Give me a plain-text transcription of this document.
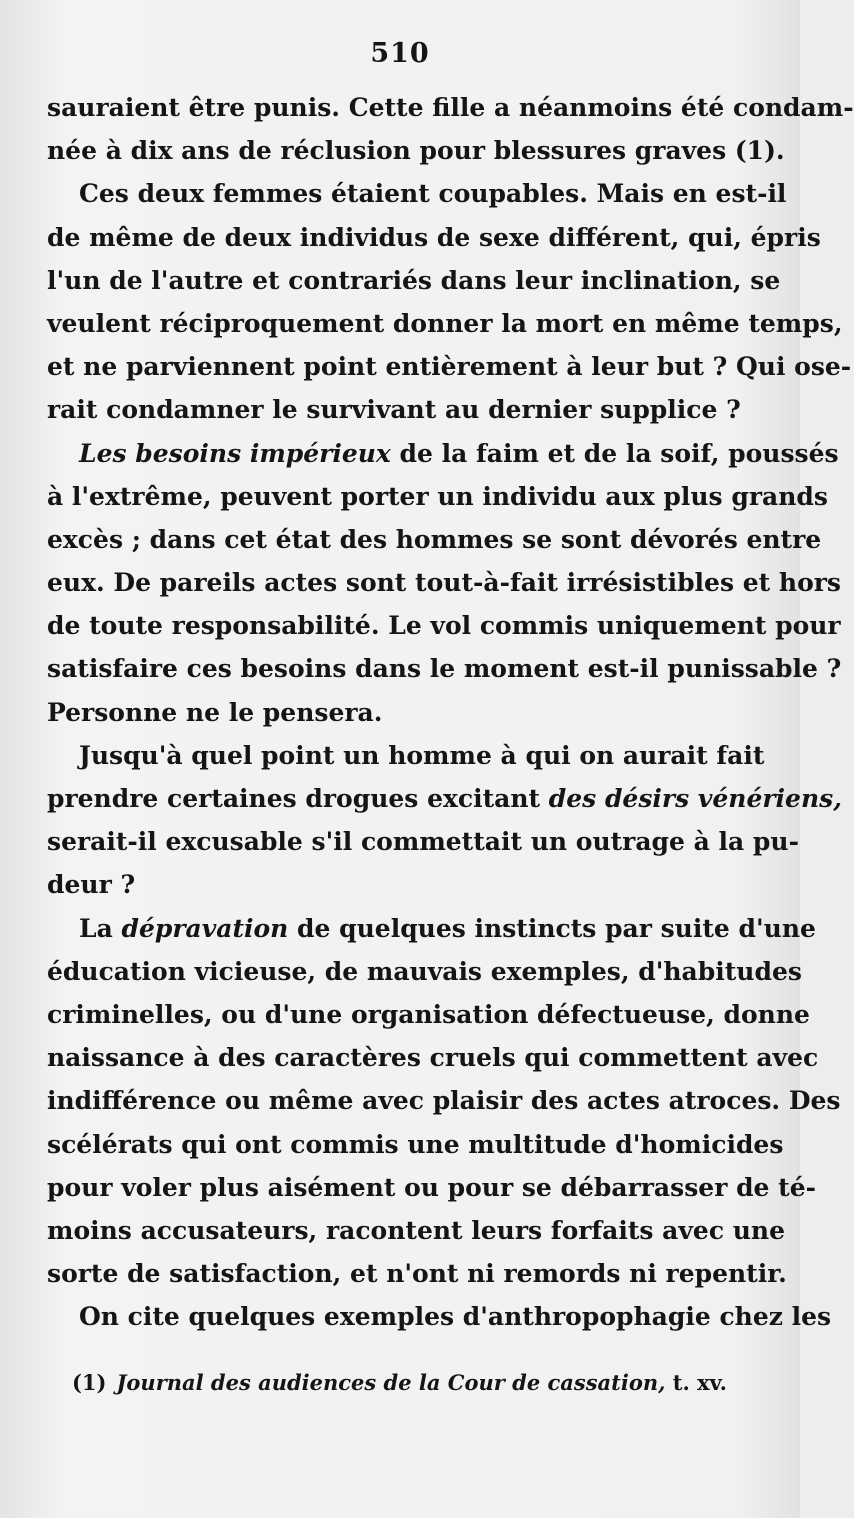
510
sauraient être punis. Cette fille a néanmoins été condam-
née à dix ans de réclusion pour blessures graves (1).
Ces deux femmes étaient coupables. Mais en est-il
de même de deux individus de sexe différent, qui, épris
l'un de l'autre et contrariés dans leur inclination, se
veulent réciproquement donner la mort en même temps,
et ne parviennent point entièrement à leur but ? Qui ose-
rait condamner le survivant au dernier supplice ?
Les besoins impérieux de la faim et de la soif, poussés
à l'extrême, peuvent porter un individu aux plus grands
excès ; dans cet état des hommes se sont dévorés entre
eux. De pareils actes sont tout-à-fait irrésistibles et hors
de toute responsabilité. Le vol commis uniquement pour
satisfaire ces besoins dans le moment est-il punissable ?
Personne ne le pensera.
Jusqu'à quel point un homme à qui on aurait fait
prendre certaines drogues excitant des désirs vénériens,
serait-il excusable s'il commettait un outrage à la pu-
deur ?
La dépravation de quelques instincts par suite d'une
éducation vicieuse, de mauvais exemples, d'habitudes
criminelles, ou d'une organisation défectueuse, donne
naissance à des caractères cruels qui commettent avec
indifférence ou même avec plaisir des actes atroces. Des
scélérats qui ont commis une multitude d'homicides
pour voler plus aisément ou pour se débarrasser de té-
moins accusateurs, racontent leurs forfaits avec une
sorte de satisfaction, et n'ont ni remords ni repentir.
On cite quelques exemples d'anthropophagie chez les
(1) Journal des audiences de la Cour de cassation, t. xv.
